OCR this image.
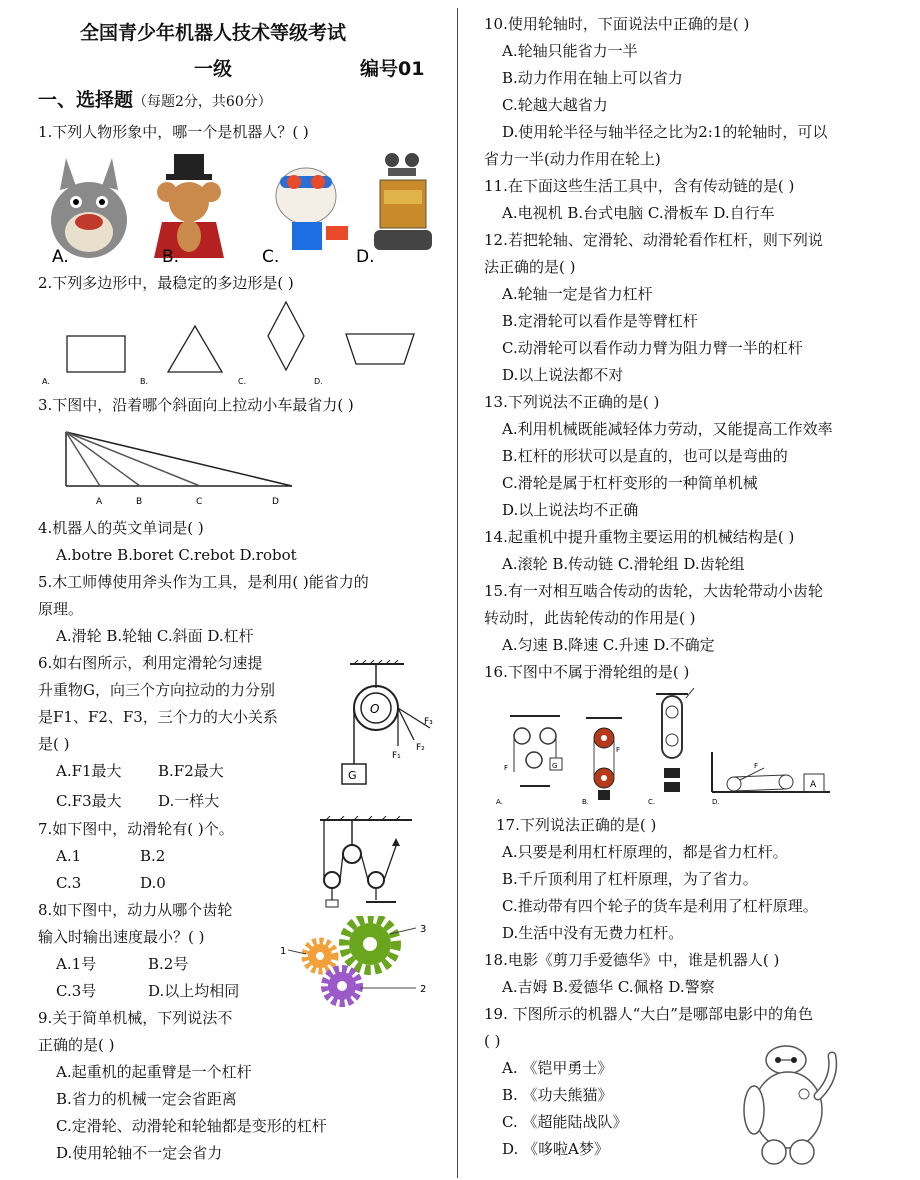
全国青少年机器人技术等级考试
一级	编号01
一、选择题（每题2分，共60分）
1.下列人物形象中，哪一个是机器人？( )
A.	B.	C.	D.
2.下列多边形中，最稳定的多边形是( )
A.	B.	C.	D.
3.下图中，沿着哪个斜面向上拉动小车最省力( )
A	B	C	D
4.机器人的英文单词是( )
A.botre B.boret C.rebot D.robot
5.木工师傅使用斧头作为工具，是利用( )能省力的
原理。
A.滑轮 B.轮轴 C.斜面 D.杠杆
6.如右图所示，利用定滑轮匀速提
升重物G，向三个方向拉动的力分别
是F1、F2、F3，三个力的大小关系
是( )
A.F1最大 B.F2最大
C.F3最大 D.一样大
O
G
F₁
F₂
F₃
7.如下图中，动滑轮有( )个。
A.1	B.2
C.3	D.0
8.如下图中，动力从哪个齿轮
输入时输出速度最小？( )
A.1号	B.2号
C.3号	D.以上均相同
1
2
3
9.关于简单机械，下列说法不
正确的是( )
A.起重机的起重臂是一个杠杆
B.省力的机械一定会省距离
C.定滑轮、动滑轮和轮轴都是变形的杠杆
D.使用轮轴不一定会省力
10.使用轮轴时，下面说法中正确的是( )
A.轮轴只能省力一半
B.动力作用在轴上可以省力
C.轮越大越省力
D.使用轮半径与轴半径之比为2:1的轮轴时，可以
省力一半(动力作用在轮上)
11.在下面这些生活工具中，含有传动链的是( )
A.电视机 B.台式电脑 C.滑板车 D.自行车
12.若把轮轴、定滑轮、动滑轮看作杠杆，则下列说
法正确的是( )
A.轮轴一定是省力杠杆
B.定滑轮可以看作是等臂杠杆
C.动滑轮可以看作动力臂为阻力臂一半的杠杆
D.以上说法都不对
13.下列说法不正确的是( )
A.利用机械既能减轻体力劳动，又能提高工作效率
B.杠杆的形状可以是直的，也可以是弯曲的
C.滑轮是属于杠杆变形的一种简单机械
D.以上说法均不正确
14.起重机中提升重物主要运用的机械结构是( )
A.滚轮 B.传动链 C.滑轮组 D.齿轮组
15.有一对相互啮合传动的齿轮，大齿轮带动小齿轮
转动时，此齿轮传动的作用是( )
A.匀速 B.降速 C.升速 D.不确定
16.下图中不属于滑轮组的是( )
G
F
F
A
F
A.	B.	C.	D.
17.下列说法正确的是( )
A.只要是利用杠杆原理的，都是省力杠杆。
B.千斤顶利用了杠杆原理，为了省力。
C.推动带有四个轮子的货车是利用了杠杆原理。
D.生活中没有无费力杠杆。
18.电影《剪刀手爱德华》中，谁是机器人( )
A.吉姆 B.爱德华 C.佩格 D.警察
19. 下图所示的机器人“大白”是哪部电影中的角色
( )
A. 《铠甲勇士》
B. 《功夫熊猫》
C. 《超能陆战队》
D. 《哆啦A梦》
